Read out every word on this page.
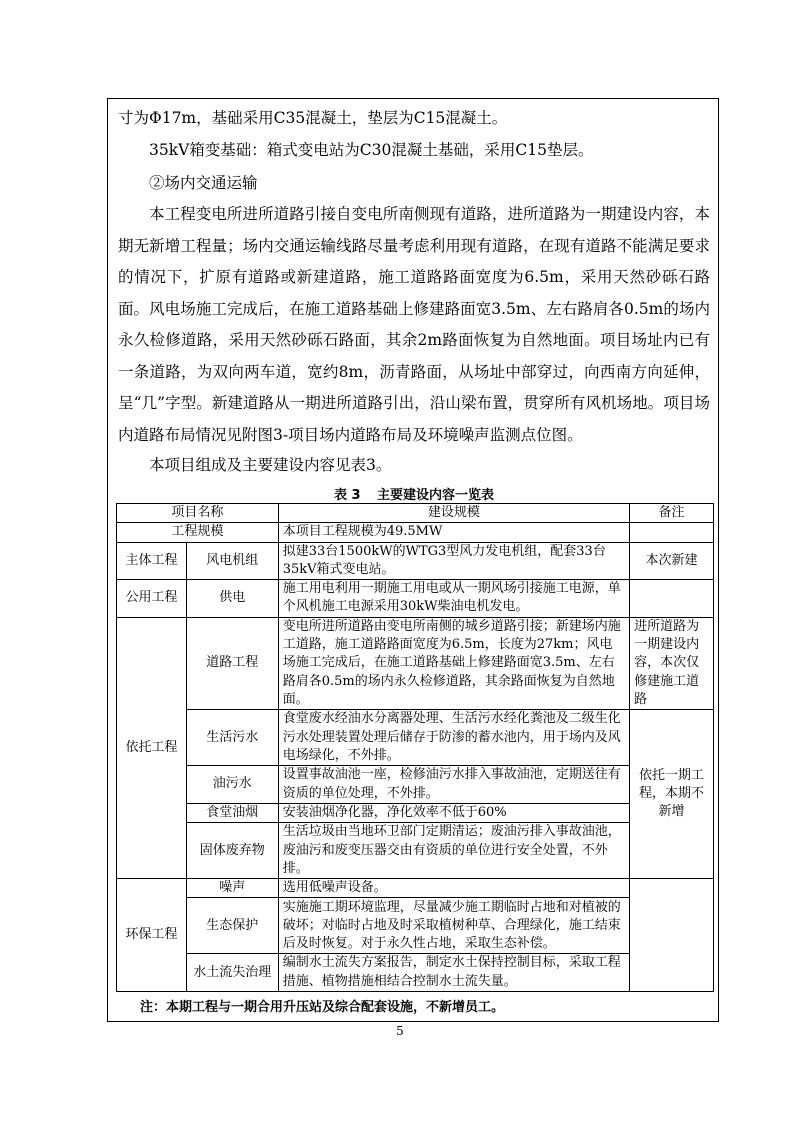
寸为Φ17m，基础采用C35混凝土，垫层为C15混凝土。

35kV箱变基础：箱式变电站为C30混凝土基础，采用C15垫层。

②场内交通运输

本工程变电所进所道路引接自变电所南侧现有道路，进所道路为一期建设内容，本期无新增工程量；场内交通运输线路尽量考虑利用现有道路，在现有道路不能满足要求的情况下，扩原有道路或新建道路，施工道路路面宽度为6.5m，采用天然砂砾石路面。风电场施工完成后，在施工道路基础上修建路面宽3.5m、左右路肩各0.5m的场内永久检修道路，采用天然砂砾石路面，其余2m路面恢复为自然地面。项目场址内已有一条道路，为双向两车道，宽约8m，沥青路面，从场址中部穿过，向西南方向延伸，呈“几”字型。新建道路从一期进所道路引出，沿山梁布置，贯穿所有风机场地。项目场内道路布局情况见附图3-项目场内道路布局及环境噪声监测点位图。

本项目组成及主要建设内容见表3。

表 3 主要建设内容一览表
项目名称		建设规模	备注
工程规模		本项目工程规模为49.5MW	
主体工程	风电机组	拟建33台1500kW的WTG3型风力发电机组，配套33台35kV箱式变电站。	本次新建
公用工程	供电	施工用电利用一期施工用电或从一期风场引接施工电源，单个风机施工电源采用30kW柴油电机发电。	
依托工程	道路工程	变电所进所道路由变电所南侧的城乡道路引接；新建场内施工道路，施工道路路面宽度为6.5m，长度为27km；风电场施工完成后，在施工道路基础上修建路面宽3.5m、左右路肩各0.5m的场内永久检修道路，其余路面恢复为自然地面。	进所道路为一期建设内容，本次仅修建施工道路
	生活污水	食堂废水经油水分离器处理、生活污水经化粪池及二级生化污水处理装置处理后储存于防渗的蓄水池内，用于场内及风电场绿化，不外排。	依托一期工程，本期不新增
	油污水	设置事故油池一座，检修油污水排入事故油池，定期送往有资质的单位处理，不外排。	
	食堂油烟	安装油烟净化器，净化效率不低于60%	
	固体废弃物	生活垃圾由当地环卫部门定期清运；废油污排入事故油池，废油污和废变压器交由有资质的单位进行安全处置，不外排。	
环保工程	噪声	选用低噪声设备。	
	生态保护	实施施工期环境监理，尽量减少施工期临时占地和对植被的破坏；对临时占地及时采取植树种草、合理绿化，施工结束后及时恢复。对于永久性占地，采取生态补偿。	
	水土流失治理	编制水土流失方案报告，制定水土保持控制目标，采取工程措施、植物措施相结合控制水土流失量。	
注：本期工程与一期合用升压站及综合配套设施，不新增员工。
5
